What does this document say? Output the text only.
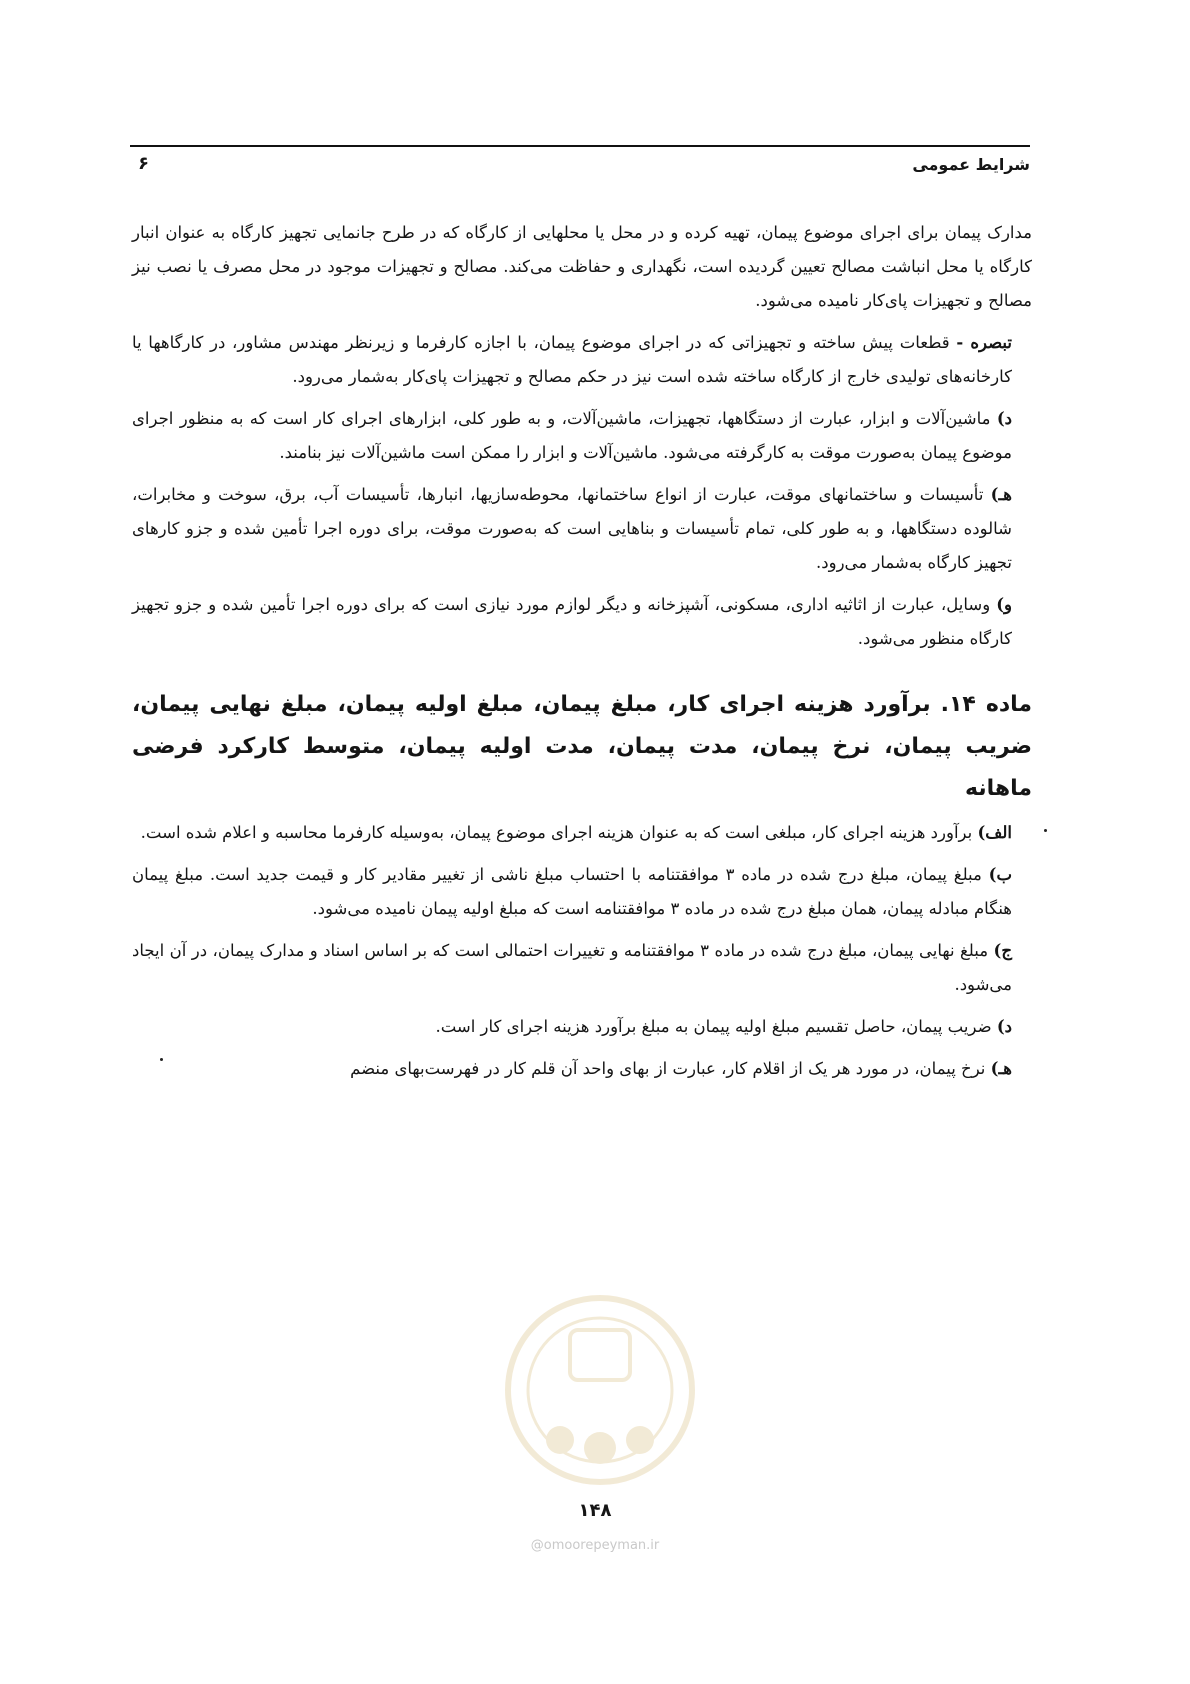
شرایط عمومی
۶

مدارک پیمان برای اجرای موضوع پیمان، تهیه کرده و در محل یا محلهایی از کارگاه که در طرح جانمایی تجهیز کارگاه به عنوان انبار کارگاه یا محل انباشت مصالح تعیین گردیده است، نگهداری و حفاظت می‌کند. مصالح و تجهیزات موجود در محل مصرف یا نصب نیز مصالح و تجهیزات پای‌کار نامیده می‌شود.

تبصره - قطعات پیش ساخته و تجهیزاتی که در اجرای موضوع پیمان، با اجازه کارفرما و زیرنظر مهندس مشاور، در کارگاهها یا کارخانه‌های تولیدی خارج از کارگاه ساخته شده است نیز در حکم مصالح و تجهیزات پای‌کار به‌شمار می‌رود.

د) ماشین‌آلات و ابزار، عبارت از دستگاهها، تجهیزات، ماشین‌آلات، و به طور کلی، ابزارهای اجرای کار است که به منظور اجرای موضوع پیمان به‌صورت موقت به کارگرفته می‌شود. ماشین‌آلات و ابزار را ممکن است ماشین‌آلات نیز بنامند.

هـ) تأسیسات و ساختمانهای موقت، عبارت از انواع ساختمانها، محوطه‌سازیها، انبارها، تأسیسات آب، برق، سوخت و مخابرات، شالوده دستگاهها، و به طور کلی، تمام تأسیسات و بناهایی است که به‌صورت موقت، برای دوره اجرا تأمین شده و جزو کارهای تجهیز کارگاه به‌شمار می‌رود.

و) وسایل، عبارت از اثاثیه اداری، مسکونی، آشپزخانه و دیگر لوازم مورد نیازی است که برای دوره اجرا تأمین شده و جزو تجهیز کارگاه منظور می‌شود.

ماده ۱۴. برآورد هزینه اجرای کار، مبلغ پیمان، مبلغ اولیه پیمان، مبلغ نهایی پیمان، ضریب پیمان، نرخ پیمان، مدت پیمان، مدت اولیه پیمان، متوسط کارکرد فرضی ماهانه

الف) برآورد هزینه اجرای کار، مبلغی است که به عنوان هزینه اجرای موضوع پیمان، به‌وسیله کارفرما محاسبه و اعلام شده است.

ب) مبلغ پیمان، مبلغ درج شده در ماده ۳ موافقتنامه با احتساب مبلغ ناشی از تغییر مقادیر کار و قیمت جدید است. مبلغ پیمان هنگام مبادله پیمان، همان مبلغ درج شده در ماده ۳ موافقتنامه است که مبلغ اولیه پیمان نامیده می‌شود.

ج) مبلغ نهایی پیمان، مبلغ درج شده در ماده ۳ موافقتنامه و تغییرات احتمالی است که بر اساس اسناد و مدارک پیمان، در آن ایجاد می‌شود.

د) ضریب پیمان، حاصل تقسیم مبلغ اولیه پیمان به مبلغ برآورد هزینه اجرای کار است.

هـ) نرخ پیمان، در مورد هر یک از اقلام کار، عبارت از بهای واحد آن قلم کار در فهرست‌بهای منضم

۱۴۸
@omoorepeyman.ir
